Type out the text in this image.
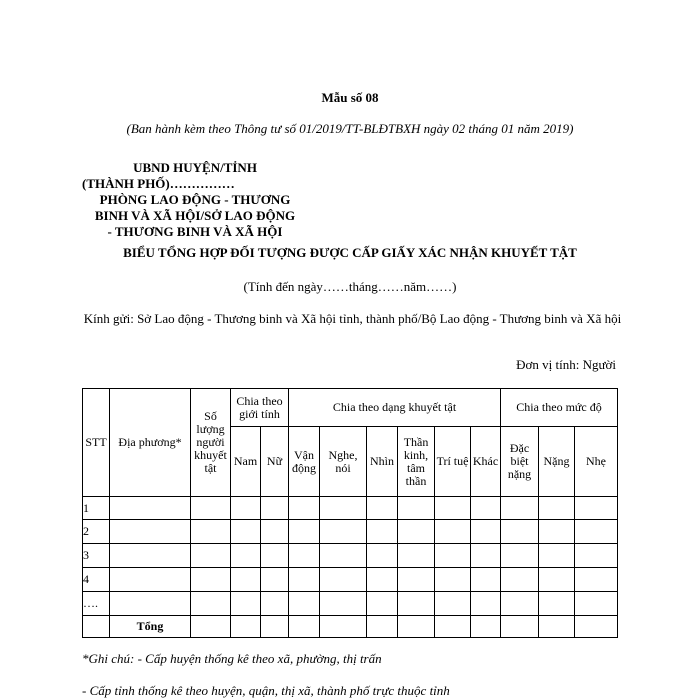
Mẫu số 08
(Ban hành kèm theo Thông tư số 01/2019/TT-BLĐTBXH ngày 02 tháng 01 năm 2019)
UBND HUYỆN/TỈNH
(THÀNH PHỐ)……………
PHÒNG LAO ĐỘNG - THƯƠNG
BINH VÀ XÃ HỘI/SỞ LAO ĐỘNG
- THƯƠNG BINH VÀ XÃ HỘI
BIỂU TỔNG HỢP ĐỐI TƯỢNG ĐƯỢC CẤP GIẤY XÁC NHẬN KHUYẾT TẬT
(Tính đến ngày……tháng……năm……)
Kính gửi: Sở Lao động - Thương binh và Xã hội tỉnh, thành phố/Bộ Lao động - Thương binh và Xã hội
Đơn vị tính: Người
STT	Địa phương*	Số lượng người khuyết tật	Chia theo giới tính		Chia theo dạng khuyết tật						Chia theo mức độ		
			Nam	Nữ	Vận động	Nghe, nói	Nhìn	Thần kinh, tâm thần	Trí tuệ	Khác	Đặc biệt nặng	Nặng	Nhẹ
1													
2													
3													
4													
….													
	Tổng												
*Ghi chú: - Cấp huyện thống kê theo xã, phường, thị trấn
- Cấp tỉnh thống kê theo huyện, quận, thị xã, thành phố trực thuộc tỉnh
